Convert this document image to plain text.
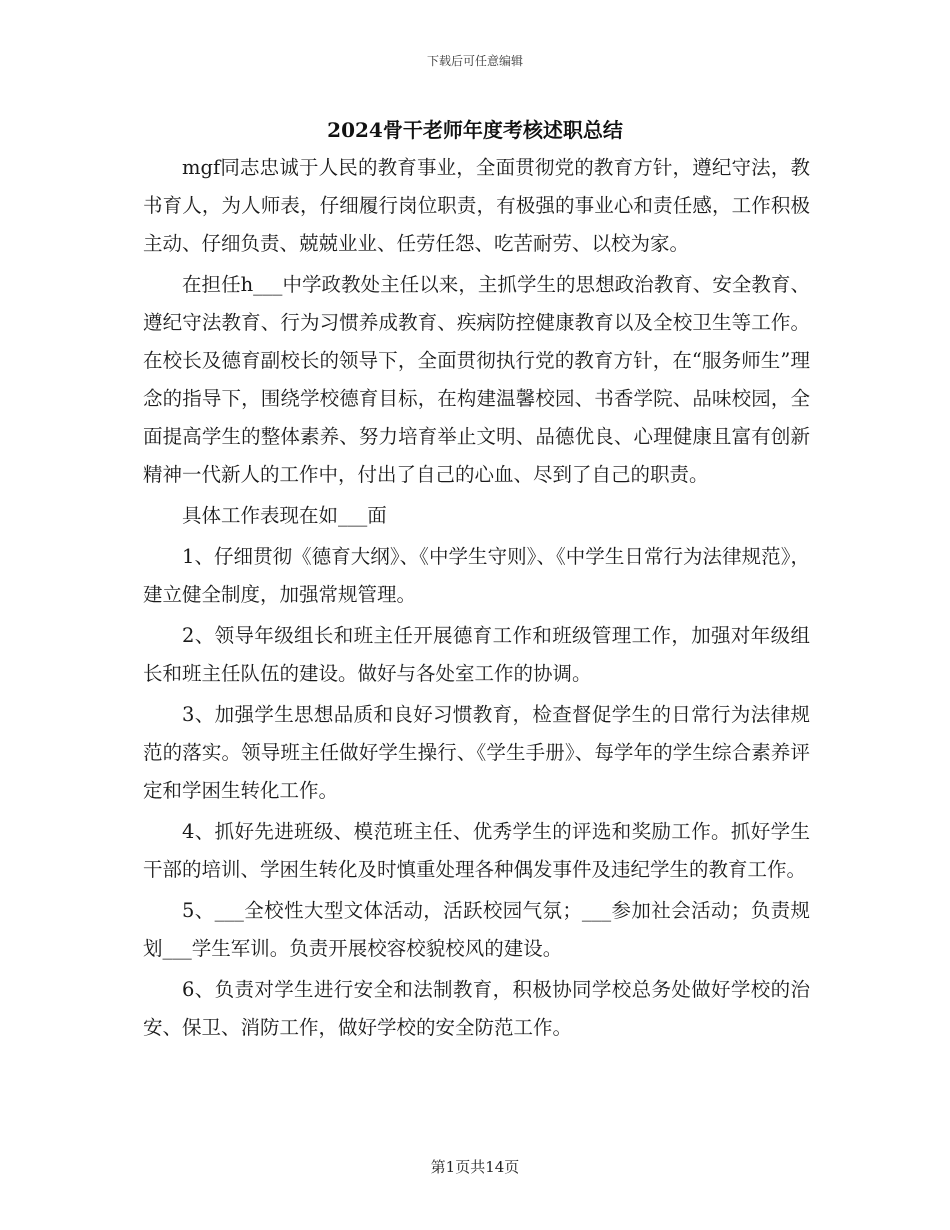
下载后可任意编辑
2024骨干老师年度考核述职总结

mgf同志忠诚于人民的教育事业，全面贯彻党的教育方针，遵纪守法，教书育人，为人师表，仔细履行岗位职责，有极强的事业心和责任感，工作积极主动、仔细负责、兢兢业业、任劳任怨、吃苦耐劳、以校为家。

在担任h___中学政教处主任以来，主抓学生的思想政治教育、安全教育、遵纪守法教育、行为习惯养成教育、疾病防控健康教育以及全校卫生等工作。在校长及德育副校长的领导下，全面贯彻执行党的教育方针，在“服务师生”理念的指导下，围绕学校德育目标，在构建温馨校园、书香学院、品味校园，全面提高学生的整体素养、努力培育举止文明、品德优良、心理健康且富有创新精神一代新人的工作中，付出了自己的心血、尽到了自己的职责。

具体工作表现在如___面

1、仔细贯彻《德育大纲》、《中学生守则》、《中学生日常行为法律规范》，建立健全制度，加强常规管理。

2、领导年级组长和班主任开展德育工作和班级管理工作，加强对年级组长和班主任队伍的建设。做好与各处室工作的协调。

3、加强学生思想品质和良好习惯教育，检查督促学生的日常行为法律规范的落实。领导班主任做好学生操行、《学生手册》、每学年的学生综合素养评定和学困生转化工作。

4、抓好先进班级、模范班主任、优秀学生的评选和奖励工作。抓好学生干部的培训、学困生转化及时慎重处理各种偶发事件及违纪学生的教育工作。

5、___全校性大型文体活动，活跃校园气氛；___参加社会活动；负责规划___学生军训。负责开展校容校貌校风的建设。

6、负责对学生进行安全和法制教育，积极协同学校总务处做好学校的治安、保卫、消防工作，做好学校的安全防范工作。

第1页共14页
